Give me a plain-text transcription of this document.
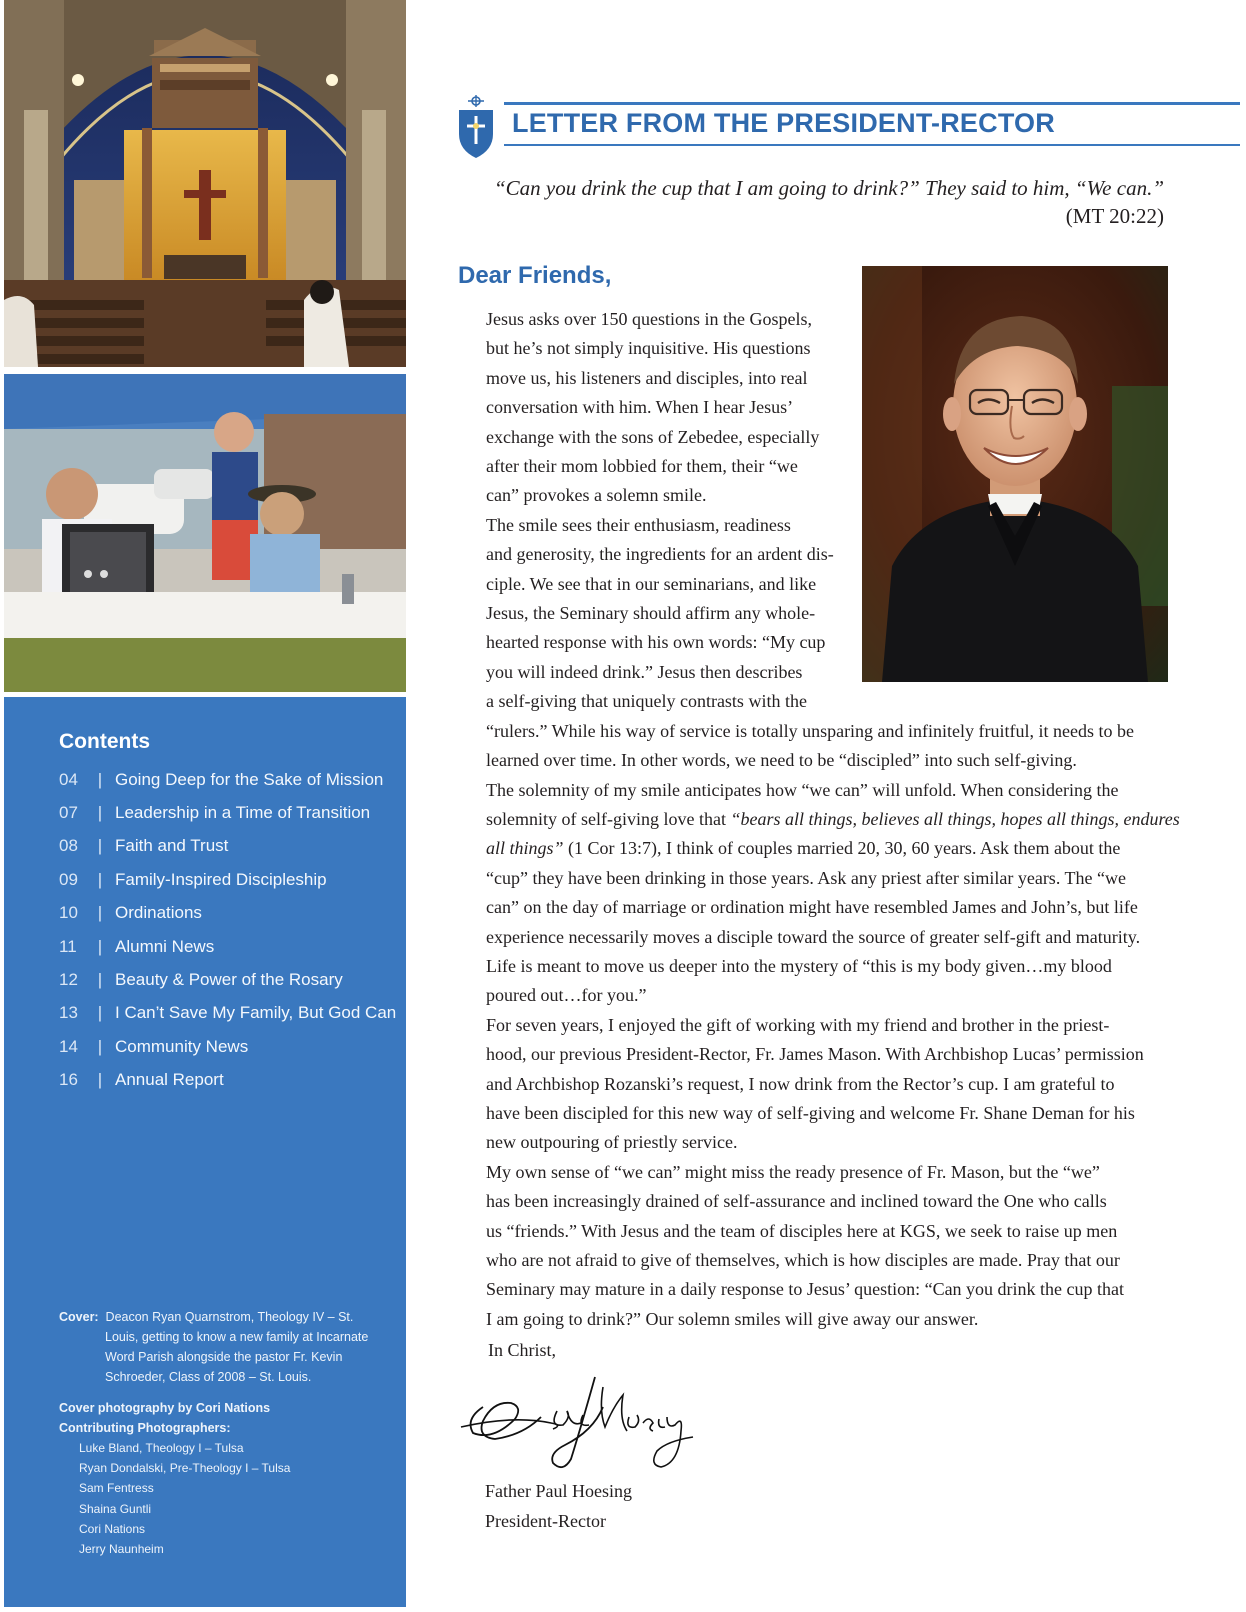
Contents
04	| Going Deep for the Sake of Mission
07	| Leadership in a Time of Transition
08	| Faith and Trust
09	| Family-Inspired Discipleship
10	| Ordinations
11	| Alumni News
12	| Beauty & Power of the Rosary
13	| I Can’t Save My Family, But God Can
14	| Community News
16	| Annual Report
Cover: Deacon Ryan Quarnstrom, Theology IV – St. Louis, getting to know a new family at Incarnate Word Parish alongside the pastor Fr. Kevin Schroeder, Class of 2008 – St. Louis.
Cover photography by Cori Nations
Contributing Photographers:
Luke Bland, Theology I – Tulsa
Ryan Dondalski, Pre-Theology I – Tulsa
Sam Fentress
Shaina Guntli
Cori Nations
Jerry Naunheim
LETTER FROM THE PRESIDENT-RECTOR
“Can you drink the cup that I am going to drink?” They said to him, “We can.”
(MT 20:22)
Dear Friends,

Jesus asks over 150 questions in the Gospels,
but he’s not simply inquisitive. His questions
move us, his listeners and disciples, into real
conversation with him. When I hear Jesus’
exchange with the sons of Zebedee, especially
after their mom lobbied for them, their “we
can” provokes a solemn smile.

The smile sees their enthusiasm, readiness
and generosity, the ingredients for an ardent dis-
ciple. We see that in our seminarians, and like
Jesus, the Seminary should affirm any whole-
hearted response with his own words: “My cup
you will indeed drink.” Jesus then describes
a self-giving that uniquely contrasts with the
“rulers.” While his way of service is totally unsparing and infinitely fruitful, it needs to be
learned over time. In other words, we need to be “discipled” into such self-giving.

The solemnity of my smile anticipates how “we can” will unfold. When considering the
solemnity of self-giving love that “bears all things, believes all things, hopes all things, endures
all things” (1 Cor 13:7), I think of couples married 20, 30, 60 years. Ask them about the
“cup” they have been drinking in those years. Ask any priest after similar years. The “we
can” on the day of marriage or ordination might have resembled James and John’s, but life
experience necessarily moves a disciple toward the source of greater self-gift and maturity.
Life is meant to move us deeper into the mystery of “this is my body given…my blood
poured out…for you.”

For seven years, I enjoyed the gift of working with my friend and brother in the priest-
hood, our previous President-Rector, Fr. James Mason. With Archbishop Lucas’ permission
and Archbishop Rozanski’s request, I now drink from the Rector’s cup. I am grateful to
have been discipled for this new way of self-giving and welcome Fr. Shane Deman for his
new outpouring of priestly service.

My own sense of “we can” might miss the ready presence of Fr. Mason, but the “we”
has been increasingly drained of self-assurance and inclined toward the One who calls
us “friends.” With Jesus and the team of disciples here at KGS, we seek to raise up men
who are not afraid to give of themselves, which is how disciples are made. Pray that our
Seminary may mature in a daily response to Jesus’ question: “Can you drink the cup that
I am going to drink?” Our solemn smiles will give away our answer.

In Christ,
Father Paul Hoesing
President-Rector
